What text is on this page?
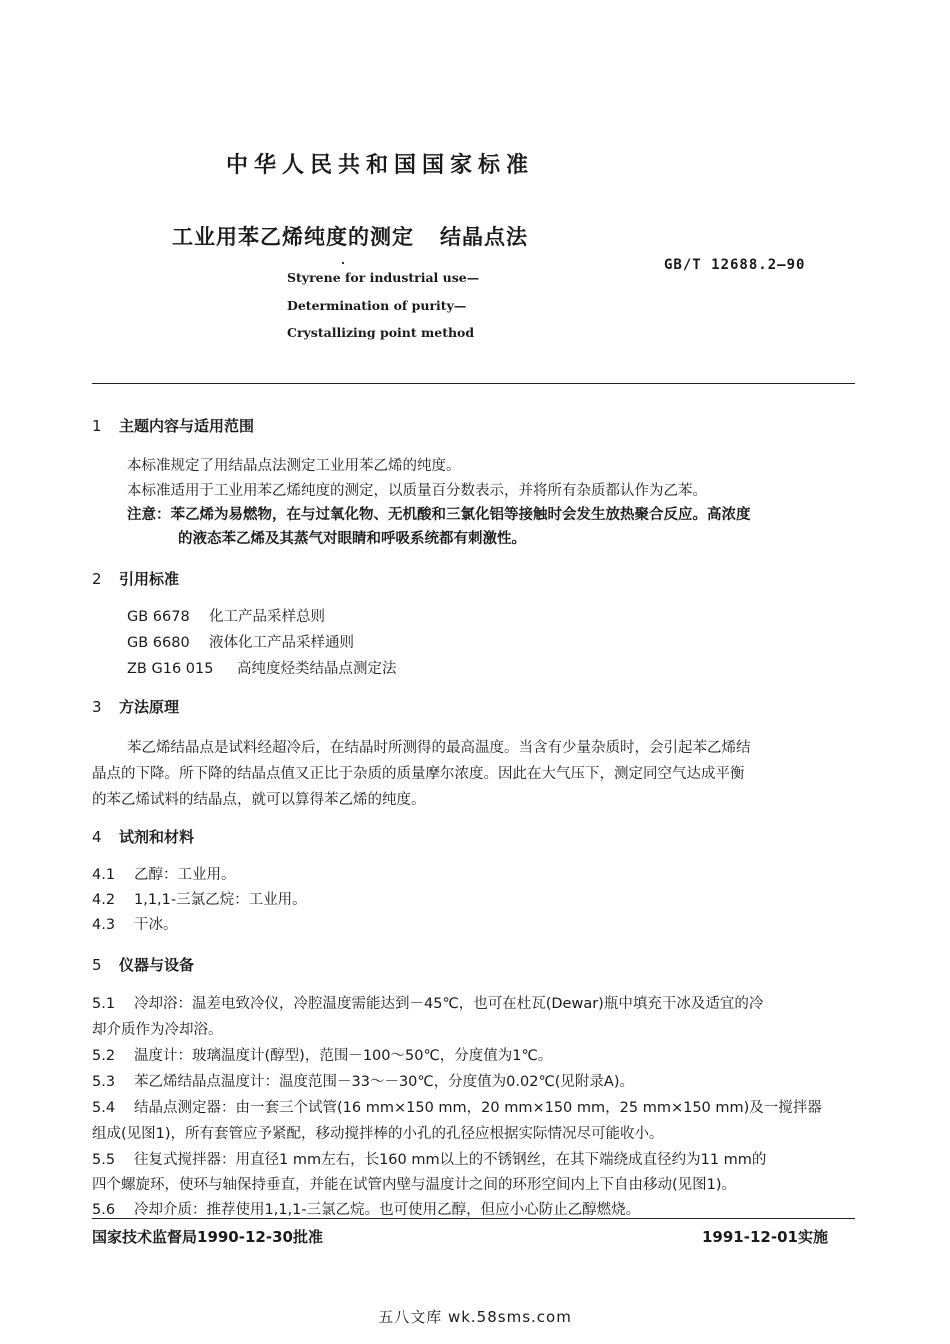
中华人民共和国国家标准
工业用苯乙烯纯度的测定 结晶点法
GB/T 12688.2—90
Styrene for industrial use—
Determination of purity—
Crystallizing point method
1 主题内容与适用范围
本标准规定了用结晶点法测定工业用苯乙烯的纯度。
本标准适用于工业用苯乙烯纯度的测定，以质量百分数表示，并将所有杂质都认作为乙苯。
注意：苯乙烯为易燃物，在与过氧化物、无机酸和三氯化铝等接触时会发生放热聚合反应。高浓度
的液态苯乙烯及其蒸气对眼睛和呼吸系统都有刺激性。
2 引用标准
GB 6678 化工产品采样总则
GB 6680 液体化工产品采样通则
ZB G16 015 高纯度烃类结晶点测定法
3 方法原理
苯乙烯结晶点是试料经超冷后，在结晶时所测得的最高温度。当含有少量杂质时，会引起苯乙烯结
晶点的下降。所下降的结晶点值又正比于杂质的质量摩尔浓度。因此在大气压下，测定同空气达成平衡
的苯乙烯试料的结晶点，就可以算得苯乙烯的纯度。
4 试剂和材料
4.1 乙醇：工业用。
4.2 1,1,1-三氯乙烷：工业用。
4.3 干冰。
5 仪器与设备
5.1 冷却浴：温差电致冷仪，冷腔温度需能达到－45℃，也可在杜瓦(Dewar)瓶中填充干冰及适宜的冷
却介质作为冷却浴。
5.2 温度计：玻璃温度计(醇型)，范围－100～50℃，分度值为1℃。
5.3 苯乙烯结晶点温度计：温度范围－33～－30℃，分度值为0.02℃(见附录A)。
5.4 结晶点测定器：由一套三个试管(16 mm×150 mm，20 mm×150 mm，25 mm×150 mm)及一搅拌器
组成(见图1)，所有套管应予紧配，移动搅拌棒的小孔的孔径应根据实际情况尽可能收小。
5.5 往复式搅拌器：用直径1 mm左右，长160 mm以上的不锈钢丝，在其下端绕成直径约为11 mm的
四个螺旋环，使环与轴保持垂直，并能在试管内壁与温度计之间的环形空间内上下自由移动(见图1)。
5.6 冷却介质：推荐使用1,1,1-三氯乙烷。也可使用乙醇，但应小心防止乙醇燃烧。
国家技术监督局1990-12-30批准	1991-12-01实施
五八文库 wk.58sms.com
